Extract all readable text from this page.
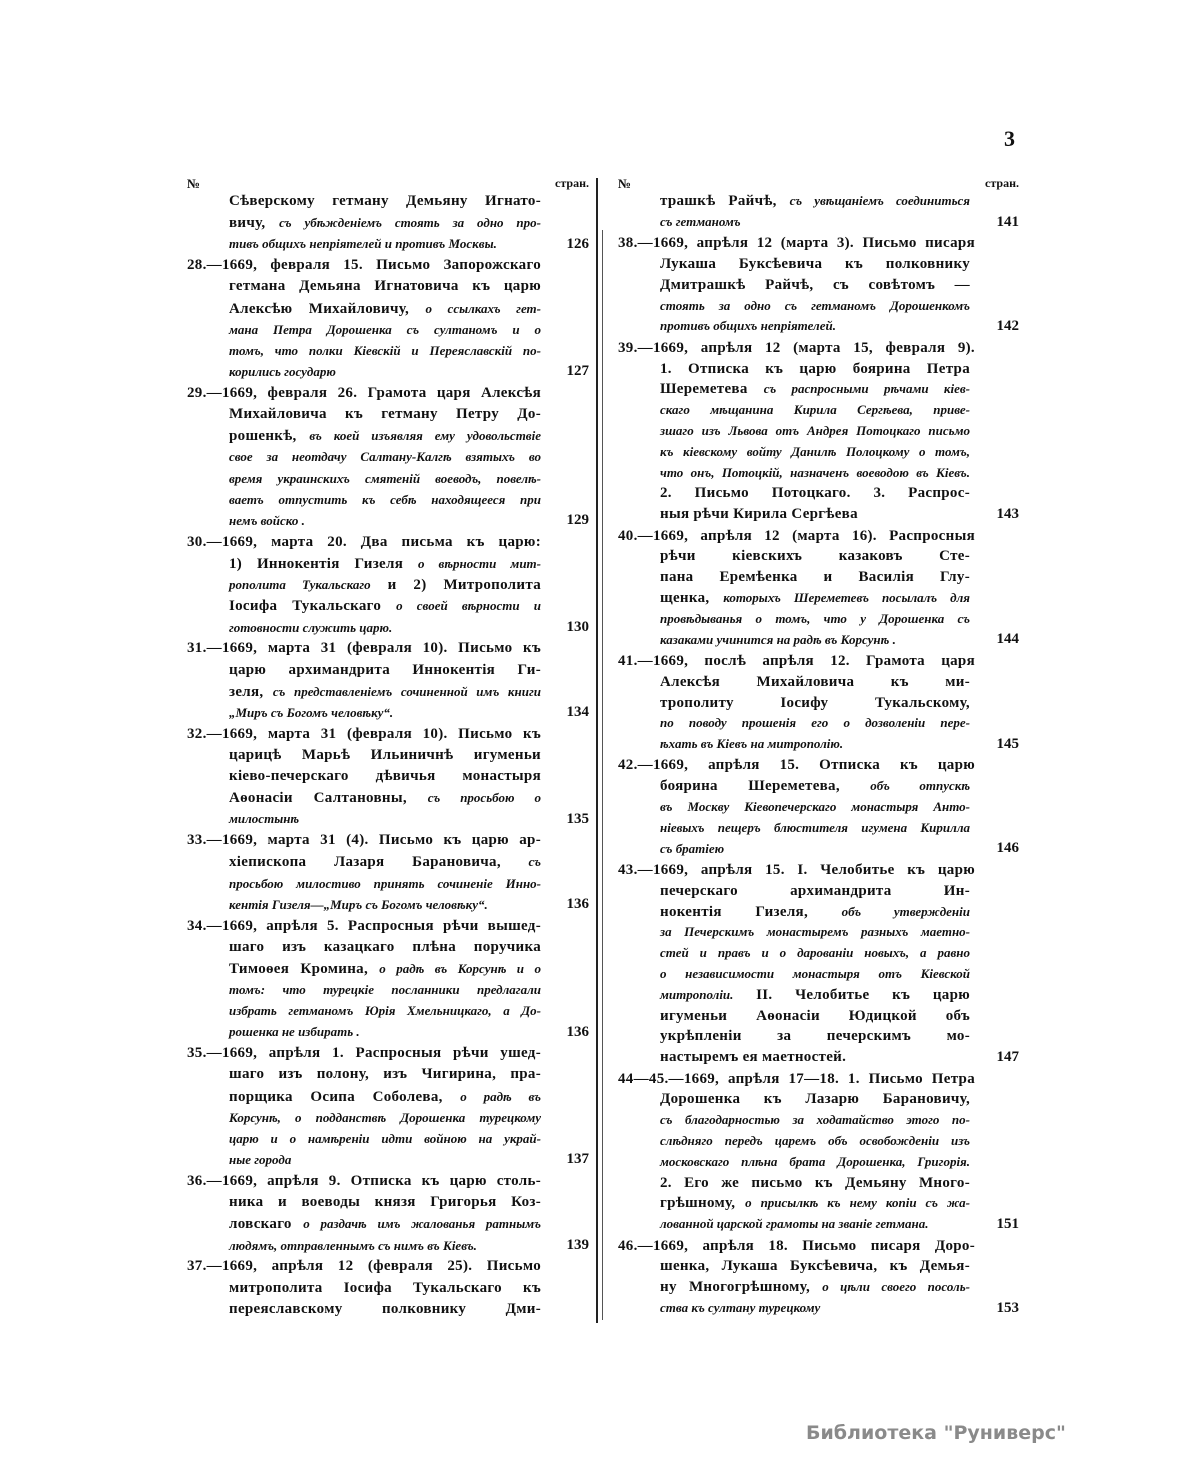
3
№	стран.
Сѣверскому гетману Демьяну Игнато-
вичу, съ убѣжденіемъ стоять за одно про-
тивъ общихъ непріятелей и противъ Москвы.	126
28.—1669, февраля 15. Письмо Запорожскаго
гетмана Демьяна Игнатовича къ царю
Алексѣю Михайловичу, о ссылкахъ гет-
мана Петра Дорошенка съ султаномъ и о
томъ, что полки Кіевскій и Переяславскій по-
корились государю	127
29.—1669, февраля 26. Грамота царя Алексѣя
Михайловича къ гетману Петру До-
рошенкѣ, въ коей изъявляя ему удовольствіе
свое за неотдачу Салтану-Калгѣ взятыхъ во
время украинскихъ смятеній воеводъ, повелѣ-
ваетъ отпустить къ себѣ находящееся при
немъ войско .	129
30.—1669, марта 20. Два письма къ царю:
1) Иннокентія Гизеля о вѣрности мит-
рополита Тукальскаго и 2) Митрополита
Іосифа Тукальскаго о своей вѣрности и
готовности служить царю.	130
31.—1669, марта 31 (февраля 10). Письмо къ
царю архимандрита Иннокентія Ги-
зеля, съ представленіемъ сочиненной имъ книги
„Миръ съ Богомъ человѣку“.	134
32.—1669, марта 31 (февраля 10). Письмо къ
царицѣ Марьѣ Ильиничнѣ игуменьи
кіево-печерскаго дѣвичья монастыря
Аѳонасіи Салтановны, съ просьбою о
милостынѣ	135
33.—1669, марта 31 (4). Письмо къ царю ар-
хіепископа Лазаря Барановича, съ
просьбою милостиво принять сочиненіе Инно-
кентія Гизеля—„Миръ съ Богомъ человѣку“.	136
34.—1669, апрѣля 5. Распросныя рѣчи вышед-
шаго изъ казацкаго плѣна поручика
Тимоѳея Кромина, о радѣ въ Корсунѣ и о
томъ: что турецкіе посланники предлагали
избрать гетманомъ Юрія Хмельницкаго, а До-
рошенка не избирать .	136
35.—1669, апрѣля 1. Распросныя рѣчи ушед-
шаго изъ полону, изъ Чигирина, пра-
порщика Осипа Соболева, о радѣ въ
Корсунѣ, о подданствѣ Дорошенка турецкому
царю и о намѣреніи идти войною на украй-
ные города	137
36.—1669, апрѣля 9. Отписка къ царю столь-
ника и воеводы князя Григорья Коз-
ловскаго о раздачѣ имъ жалованья ратнымъ
людямъ, отправленнымъ съ нимъ въ Кіевъ.	139
37.—1669, апрѣля 12 (февраля 25). Письмо
митрополита Іосифа Тукальскаго къ
переяславскому полковнику Дми-
№	стран.
трашкѣ Райчѣ, съ увѣщаніемъ соединиться
съ гетманомъ	141
38.—1669, апрѣля 12 (марта 3). Письмо писаря
Лукаша Буксѣевича къ полковнику
Дмитрашкѣ Райчѣ, съ совѣтомъ —
стоять за одно съ гетманомъ Дорошенкомъ
противъ общихъ непріятелей.	142
39.—1669, апрѣля 12 (марта 15, февраля 9).
1. Отписка къ царю боярина Петра
Шереметева съ распросными рѣчами кіев-
скаго мѣщанина Кирила Сергѣева, приве-
зшаго изъ Львова отъ Андрея Потоцкаго письмо
къ кіевскому войту Данилѣ Полоцкому о томъ,
что онъ, Потоцкій, назначенъ воеводою въ Кіевъ.
2. Письмо Потоцкаго. 3. Распрос-
ныя рѣчи Кирила Сергѣева	143
40.—1669, апрѣля 12 (марта 16). Распросныя
рѣчи кіевскихъ казаковъ Сте-
пана Еремѣенка и Василія Глу-
щенка, которыхъ Шереметевъ посылалъ для
провѣдыванья о томъ, что у Дорошенка съ
казаками учинится на радѣ въ Корсунѣ .	144
41.—1669, послѣ апрѣля 12. Грамота царя
Алексѣя Михайловича къ ми-
трополиту Іосифу Тукальскому,
по поводу прошенія его о дозволеніи пере-
ѣхать въ Кіевъ на митрополію.	145
42.—1669, апрѣля 15. Отписка къ царю
боярина Шереметева, объ отпускѣ
въ Москву Кіевопечерскаго монастыря Анто-
ніевыхъ пещеръ блюстителя игумена Кирилла
съ братіею	146
43.—1669, апрѣля 15. I. Челобитье къ царю
печерскаго архимандрита Ин-
нокентія Гизеля, объ утвержденіи
за Печерскимъ монастыремъ разныхъ маетно-
стей и правъ и о дарованіи новыхъ, а равно
о независимости монастыря отъ Кіевской
митрополіи. II. Челобитье къ царю
игуменьи Аѳонасіи Юдицкой объ
укрѣпленіи за печерскимъ мо-
настыремъ ея маетностей.	147
44—45.—1669, апрѣля 17—18. 1. Письмо Петра
Дорошенка къ Лазарю Барановичу,
съ благодарностью за ходатайство этого по-
слѣдняго передъ царемъ объ освобожденіи изъ
московскаго плѣна брата Дорошенка, Григорія.
2. Его же письмо къ Демьяну Много-
грѣшному, о присылкѣ къ нему копіи съ жа-
лованной царской грамоты на званіе гетмана.	151
46.—1669, апрѣля 18. Письмо писаря Доро-
шенка, Лукаша Буксѣевича, къ Демья-
ну Многогрѣшному, о цѣли своего посоль-
ства къ султану турецкому	153
Библиотека "Руниверс"
